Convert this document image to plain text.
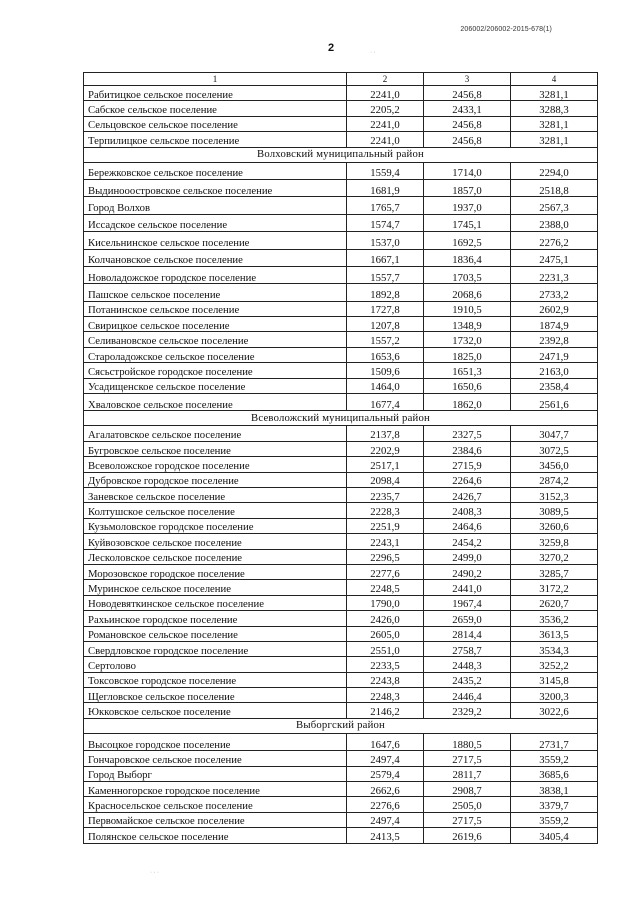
206002/206002-2015-678(1)
2	· ·
· · ·
1	2	3	4
Рабитицкое сельское поселение	2241,0	2456,8	3281,1
Сабское сельское поселение	2205,2	2433,1	3288,3
Сельцовское сельское поселение	2241,0	2456,8	3281,1
Терпилицкое сельское поселение	2241,0	2456,8	3281,1
Волховский муниципальный район			
Бережковское сельское поселение	1559,4	1714,0	2294,0
Выдинооостровское сельское поселение	1681,9	1857,0	2518,8
Город Волхов	1765,7	1937,0	2567,3
Иссадское сельское поселение	1574,7	1745,1	2388,0
Кисельнинское сельское поселение	1537,0	1692,5	2276,2
Колчановское сельское поселение	1667,1	1836,4	2475,1
Новоладожское городское поселение	1557,7	1703,5	2231,3
Пашское сельское поселение	1892,8	2068,6	2733,2
Потанинское сельское поселение	1727,8	1910,5	2602,9
Свирицкое сельское поселение	1207,8	1348,9	1874,9
Селивановское сельское поселение	1557,2	1732,0	2392,8
Староладожское сельское поселение	1653,6	1825,0	2471,9
Сясьстройское городское поселение	1509,6	1651,3	2163,0
Усадищенское сельское поселение	1464,0	1650,6	2358,4
Хваловское сельское поселение	1677,4	1862,0	2561,6
Всеволожский муниципальный район			
Агалатовское сельское поселение	2137,8	2327,5	3047,7
Бугровское сельское поселение	2202,9	2384,6	3072,5
Всеволожское городское поселение	2517,1	2715,9	3456,0
Дубровское городское поселение	2098,4	2264,6	2874,2
Заневское сельское поселение	2235,7	2426,7	3152,3
Колтушское сельское поселение	2228,3	2408,3	3089,5
Кузьмоловское городское поселение	2251,9	2464,6	3260,6
Куйвозовское сельское поселение	2243,1	2454,2	3259,8
Лесколовское сельское поселение	2296,5	2499,0	3270,2
Морозовское городское поселение	2277,6	2490,2	3285,7
Муринское сельское поселение	2248,5	2441,0	3172,2
Новодевяткинское сельское поселение	1790,0	1967,4	2620,7
Рахьинское городское поселение	2426,0	2659,0	3536,2
Романовское сельское поселение	2605,0	2814,4	3613,5
Свердловское городское поселение	2551,0	2758,7	3534,3
Сертолово	2233,5	2448,3	3252,2
Токсовское городское поселение	2243,8	2435,2	3145,8
Щегловское сельское поселение	2248,3	2446,4	3200,3
Юкковское сельское поселение	2146,2	2329,2	3022,6
Выборгский район			
Высоцкое городское поселение	1647,6	1880,5	2731,7
Гончаровское сельское поселение	2497,4	2717,5	3559,2
Город Выборг	2579,4	2811,7	3685,6
Каменногорское городское поселение	2662,6	2908,7	3838,1
Красносельское сельское поселение	2276,6	2505,0	3379,7
Первомайское сельское поселение	2497,4	2717,5	3559,2
Полянское сельское поселение	2413,5	2619,6	3405,4
